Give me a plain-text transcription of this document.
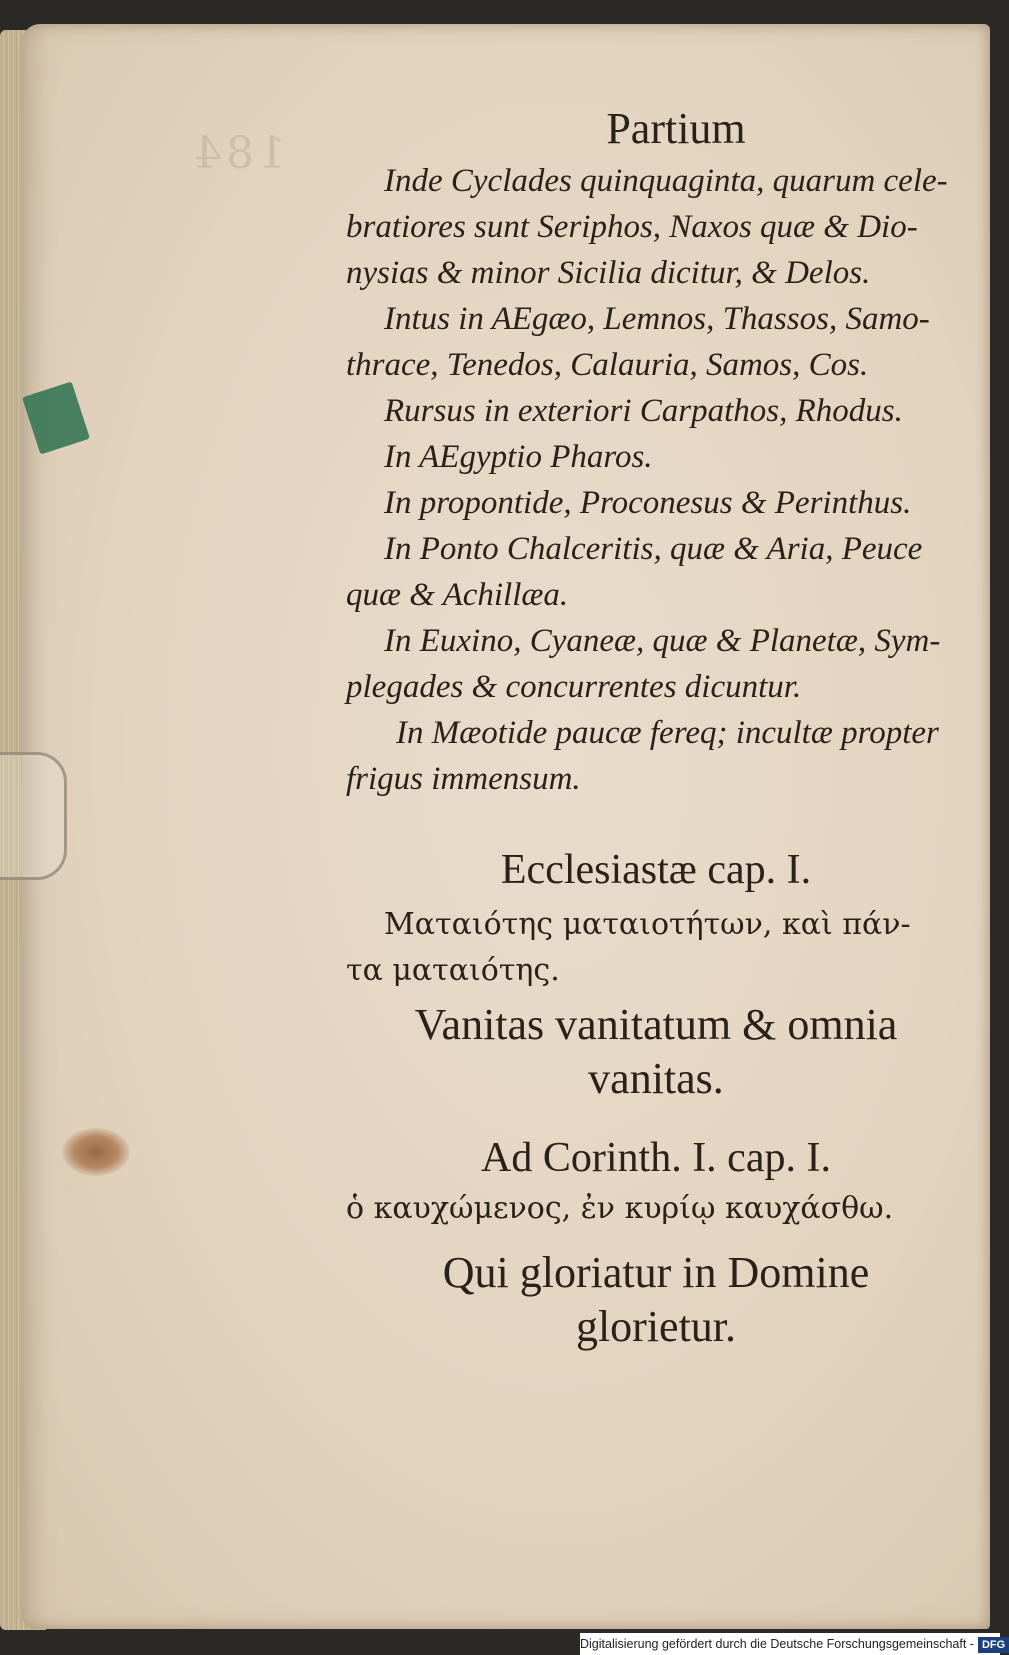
184	Partium

Inde Cyclades quinquaginta, quarum cele-

bratiores sunt Seriphos, Naxos quæ & Dio-

nysias & minor Sicilia dicitur, & Delos.

Intus in AEgæo, Lemnos, Thassos, Samo-

thrace, Tenedos, Calauria, Samos, Cos.

Rursus in exteriori Carpathos, Rhodus.

In AEgyptio Pharos.

In propontide, Proconesus & Perinthus.

In Ponto Chalceritis, quæ & Aria, Peuce

quæ & Achillæa.

In Euxino, Cyaneæ, quæ & Planetæ, Sym-

plegades & concurrentes dicuntur.

In Mæotide paucæ fereq; incultæ propter

frigus immensum.

Ecclesiastæ cap. I.

Ματαιότης ματαιοτήτων, καὶ πάν-

τα ματαιότης.

Vanitas vanitatum & omnia

vanitas.

Ad Corinth. I. cap. I.

ὁ καυχώμενος, ἐν κυρίῳ καυχάσθω.

Qui gloriatur in Domine

glorietur.

Digitalisierung gefördert durch die Deutsche Forschungsgemeinschaft - DFG
